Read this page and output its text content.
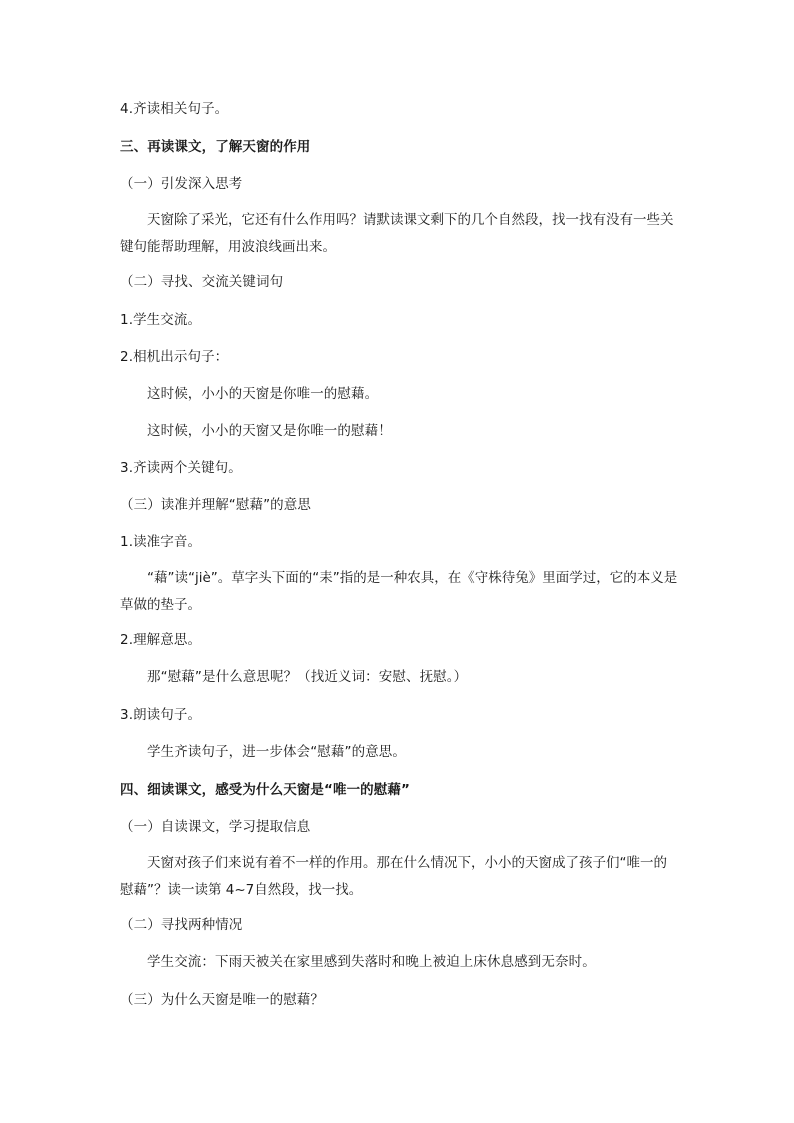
4.齐读相关句子。
三、再读课文，了解天窗的作用
（一）引发深入思考
天窗除了采光，它还有什么作用吗？请默读课文剩下的几个自然段，找一找有没有一些关键句能帮助理解，用波浪线画出来。
（二）寻找、交流关键词句
1.学生交流。
2.相机出示句子：
这时候，小小的天窗是你唯一的慰藉。
这时候，小小的天窗又是你唯一的慰藉！
3.齐读两个关键句。
（三）读准并理解“慰藉”的意思
1.读准字音。
“藉”读“jiè”。草字头下面的“耒”指的是一种农具，在《守株待兔》里面学过，它的本义是草做的垫子。
2.理解意思。
那“慰藉”是什么意思呢？（找近义词：安慰、抚慰。）
3.朗读句子。
学生齐读句子，进一步体会“慰藉”的意思。
四、细读课文，感受为什么天窗是“唯一的慰藉”
（一）自读课文，学习提取信息
天窗对孩子们来说有着不一样的作用。那在什么情况下，小小的天窗成了孩子们“唯一的慰藉”？读一读第 4~7自然段，找一找。
（二）寻找两种情况
学生交流：下雨天被关在家里感到失落时和晚上被迫上床休息感到无奈时。
（三）为什么天窗是唯一的慰藉？
